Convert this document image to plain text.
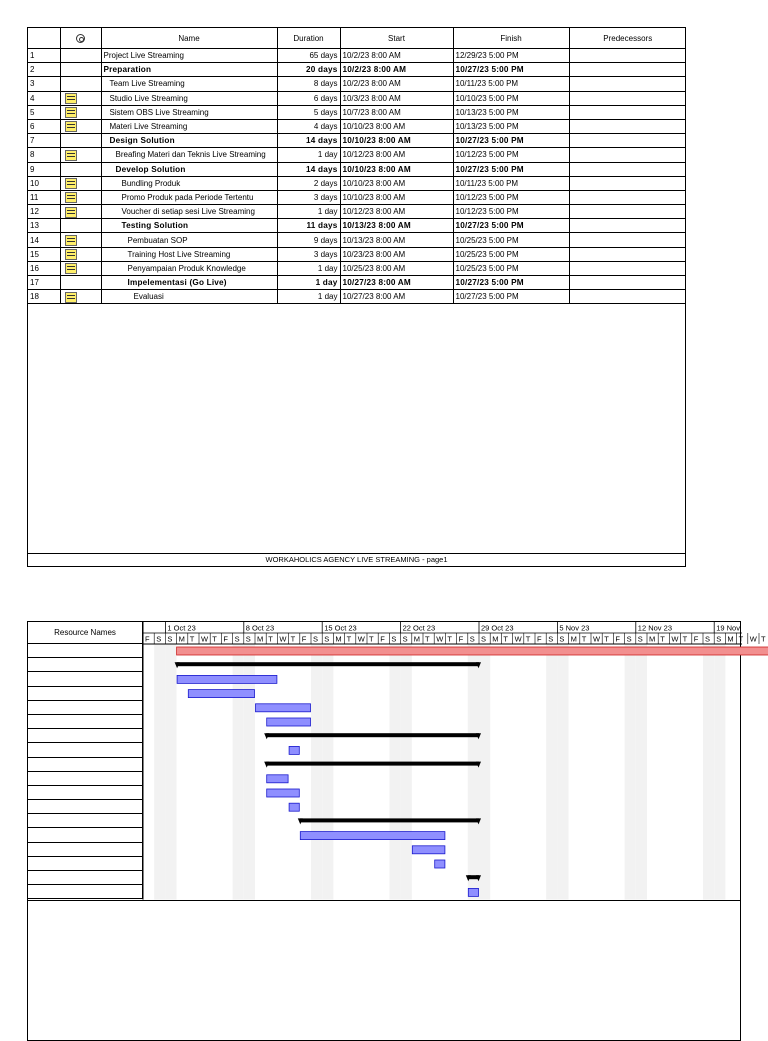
		Name	Duration	Start	Finish	Predecessors
1		Project Live Streaming	65 days	10/2/23 8:00 AM	12/29/23 5:00 PM	
2		Preparation	20 days	10/2/23 8:00 AM	10/27/23 5:00 PM	
3		Team Live Streaming	8 days	10/2/23 8:00 AM	10/11/23 5:00 PM	
4		Studio Live Streaming	6 days	10/3/23 8:00 AM	10/10/23 5:00 PM	
5		Sistem OBS Live Streaming	5 days	10/7/23 8:00 AM	10/13/23 5:00 PM	
6		Materi Live Streaming	4 days	10/10/23 8:00 AM	10/13/23 5:00 PM	
7		Design Solution	14 days	10/10/23 8:00 AM	10/27/23 5:00 PM	
8		Breafing Materi dan Teknis Live Streaming	1 day	10/12/23 8:00 AM	10/12/23 5:00 PM	
9		Develop Solution	14 days	10/10/23 8:00 AM	10/27/23 5:00 PM	
10		Bundling Produk	2 days	10/10/23 8:00 AM	10/11/23 5:00 PM	
11		Promo Produk pada Periode Tertentu	3 days	10/10/23 8:00 AM	10/12/23 5:00 PM	
12		Voucher di setiap sesi Live Streaming	1 day	10/12/23 8:00 AM	10/12/23 5:00 PM	
13		Testing Solution	11 days	10/13/23 8:00 AM	10/27/23 5:00 PM	
14		Pembuatan SOP	9 days	10/13/23 8:00 AM	10/25/23 5:00 PM	
15		Training Host Live Streaming	3 days	10/23/23 8:00 AM	10/25/23 5:00 PM	
16		Penyampaian Produk Knowledge	1 day	10/25/23 8:00 AM	10/25/23 5:00 PM	
17		Impelementasi (Go Live)	1 day	10/27/23 8:00 AM	10/27/23 5:00 PM	
18		Evaluasi	1 day	10/27/23 8:00 AM	10/27/23 5:00 PM	
WORKAHOLICS AGENCY LIVE STREAMING - page1
Resource Names	1 Oct 23	8 Oct 23	15 Oct 23	22 Oct 23	29 Oct 23	5 Nov 23	12 Nov 23	19 Nov
F S S M T W T F S S M T W T F S S M T W T F S S M T W T F S S M T W T F S S M T W T F S S M T W T F S S M T W T
